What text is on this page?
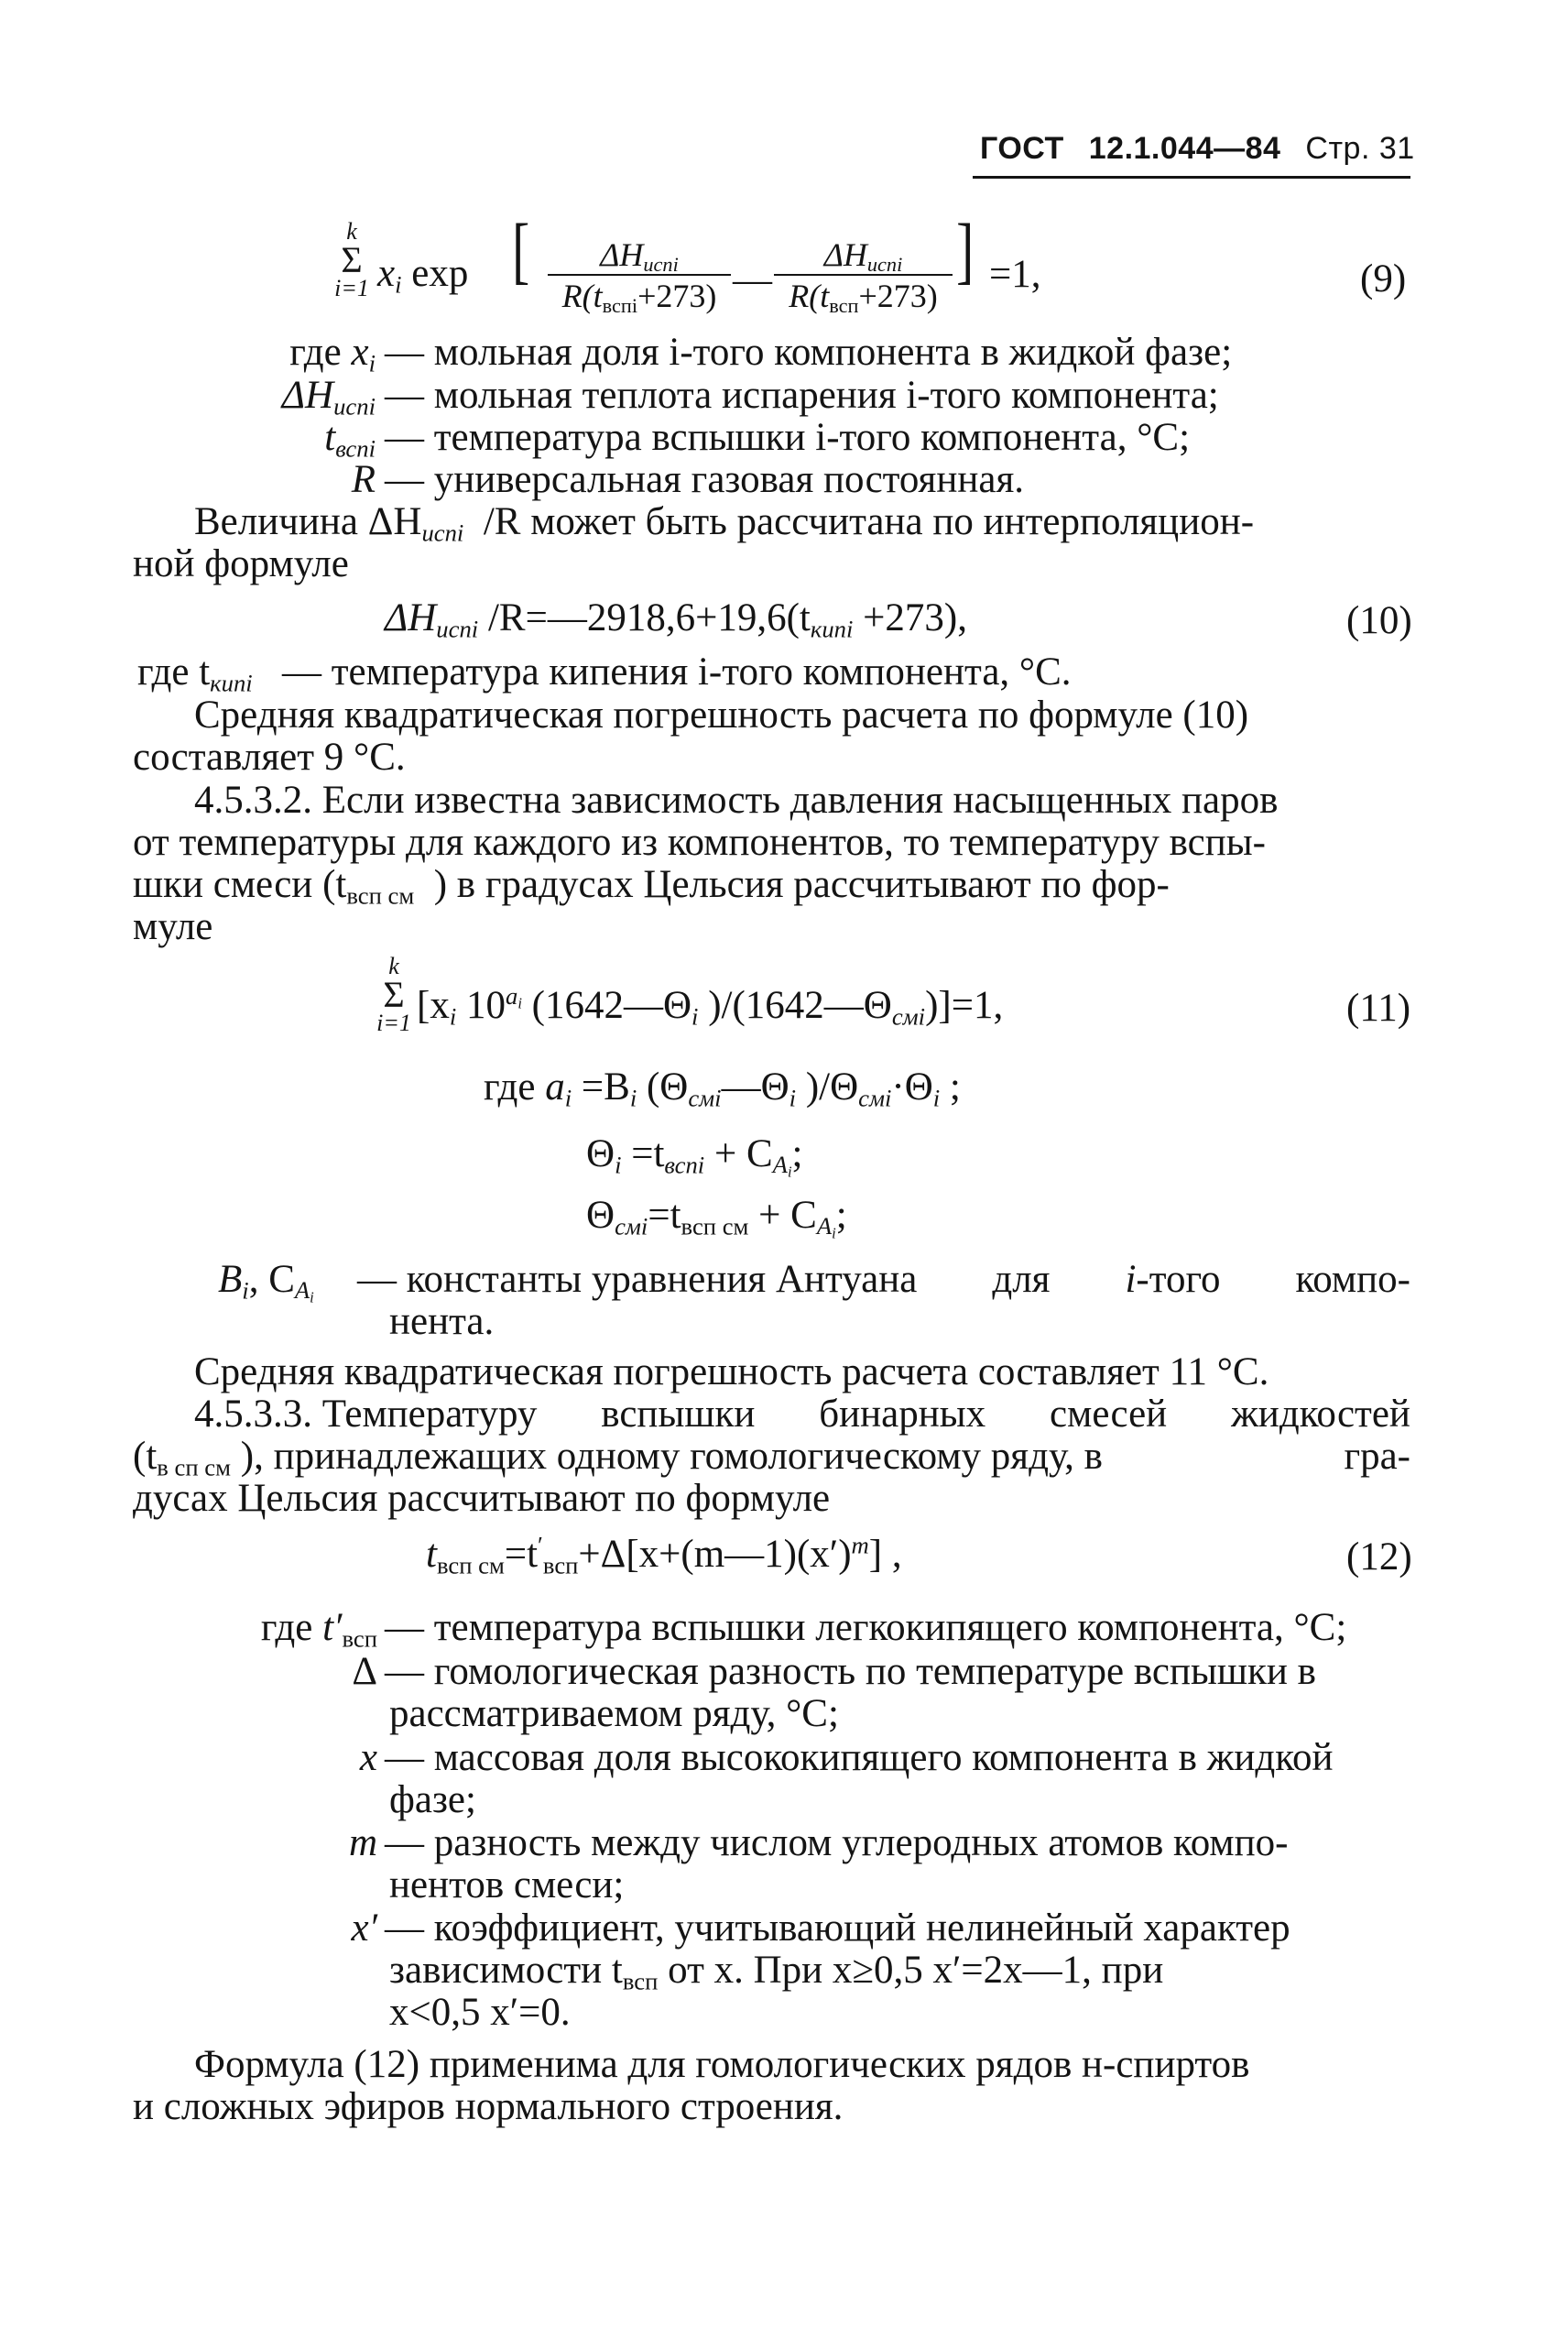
ГОСТ 12.1.044—84 Стр. 31
k
Σ
i=1 $x_i$ exp [	$\Delta H_{испi}$
$R(t_{вспi}+273)$ —
$\Delta H_{испi}$
$R(t_{всп}+273)$
] =1,	(9)
где $x_i$ — мольная доля i-того компонента в жидкой фазе;
$\Delta H_{испi}$ — мольная теплота испарения i-того компонента;
$t_{вспi}$ — температура вспышки i-того компонента, °С;
R — универсальная газовая постоянная.
Величина $\Delta H_{испi}$ /R может быть рассчитана по интерполяцион-
ной формуле
$\Delta H_{испi}$ $/R=—2918,6+19,6(t_{кипi} +273)$,	(10)
где $t_{кипi}$ — температура кипения i-того компонента, °С.
Средняя квадратическая погрешность расчета по формуле (10)
составляет 9 °С.
4.5.3.2. Если известна зависимость давления насыщенных паров
от температуры для каждого из компонентов, то температуру вспы-
шки смеси ($t_{всп см}$ ) в градусах Цельсия рассчитывают по фор-
муле
k
Σ
i=1 [$x_i$ $10^{a_i}$ ($1642—\Theta_i$ )$/(1642—\Theta_{смi})]=1$,	(11)
где $a_i =B_i$ ($\Theta_{смi}—\Theta_i$ )$/\Theta_{смi}\cdot\Theta_i$ ;
$\Theta_i =t_{вспi} + C_{A_i}$;
$\Theta_{смi}=t_{всп см} + C_{A_i}$;
$B_i$, $C_{A_i}$ — константы уравнения Антуана для i-того компо-
нента.
Средняя квадратическая погрешность расчета составляет 11 °С.
4.5.3.3. Температуру вспышки бинарных смесей жидкостей
($t_{в сп см}$ ), принадлежащих одному гомологическому ряду, в	гра-
дусах Цельсия рассчитывают по формуле
$t_{всп см}=t'_{всп}+\Delta[x+(m—1)(x')^m]$ ,	(12)
где $t'_{всп}$ — температура вспышки легкокипящего компонента, °С;
Δ — гомологическая разность по температуре вспышки в
рассматриваемом ряду, °С;
x — массовая доля высококипящего компонента в жидкой
фазе;
m — разность между числом углеродных атомов компо-
нентов смеси;
x′ — коэффициент, учитывающий нелинейный характер
зависимости $t_{всп}$ от x. При x≥0,5 x′=2x—1, при
x<0,5 x′=0.
Формула (12) применима для гомологических рядов н-спиртов
и сложных эфиров нормального строения.
